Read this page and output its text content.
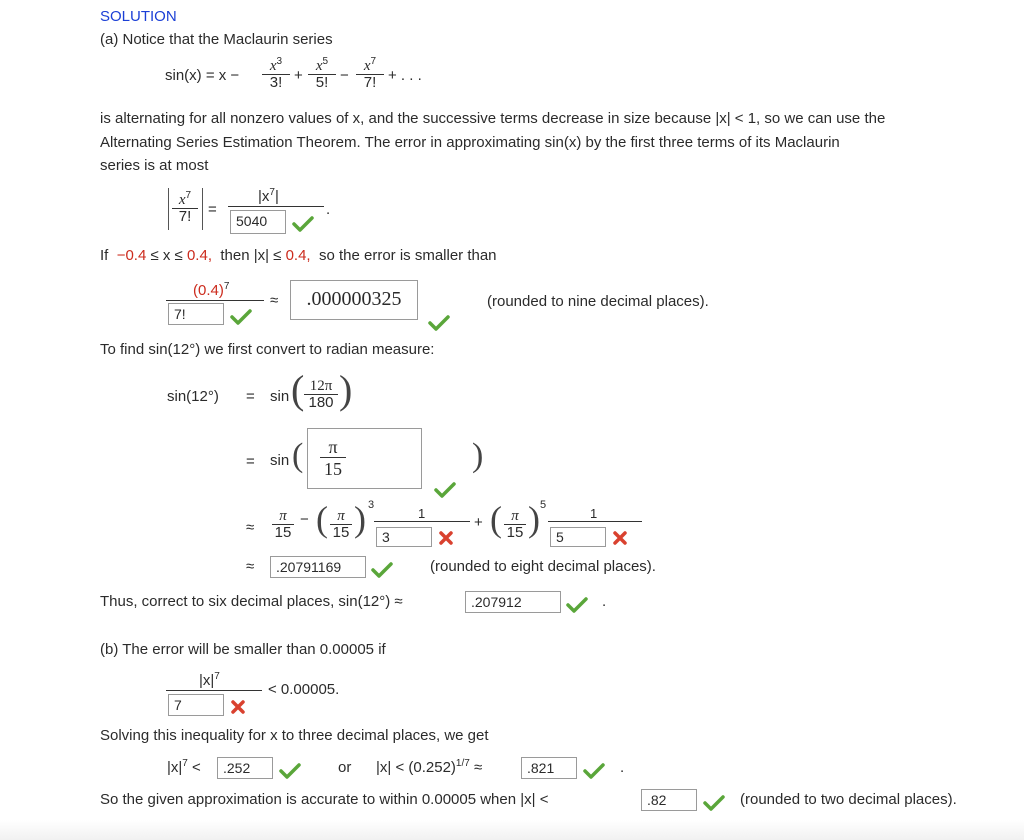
SOLUTION
(a) Notice that the Maclaurin series
sin(x) = x −
$x^3$
3! +
$x^5$
5! −
$x^7$
7! + . . .
is alternating for all nonzero values of x, and the successive terms decrease in size because |x| < 1, so we can use the
Alternating Series Estimation Theorem. The error in approximating sin(x) by the first three terms of its Maclaurin
series is at most
$x^7$
7!	=
$|x^7|$
5040
.
If −0.4 ≤ x ≤ 0.4, then |x| ≤ 0.4, so the error is smaller than
$(0.4)^7$
7!
≈	.000000325	(rounded to nine decimal places).
To find sin(12°) we first convert to radian measure:
sin(12°) = sin ( 12π
180 )
= sin (	π
15	)
≈
π
15
− ( π
15 ) 3
1
3
+ ( π
15 ) 5
1
5
≈	.20791169	(rounded to eight decimal places).
Thus, correct to six decimal places, sin(12°) ≈	.207912	.
(b) The error will be smaller than 0.00005 if
$|x|^7$
7
< 0.00005.
Solving this inequality for x to three decimal places, we get
$|x|^7$ <	.252	or $|x| < (0.252)^{1/7}$ ≈	.821	.
So the given approximation is accurate to within 0.00005 when |x| <	.82	(rounded to two decimal places).
